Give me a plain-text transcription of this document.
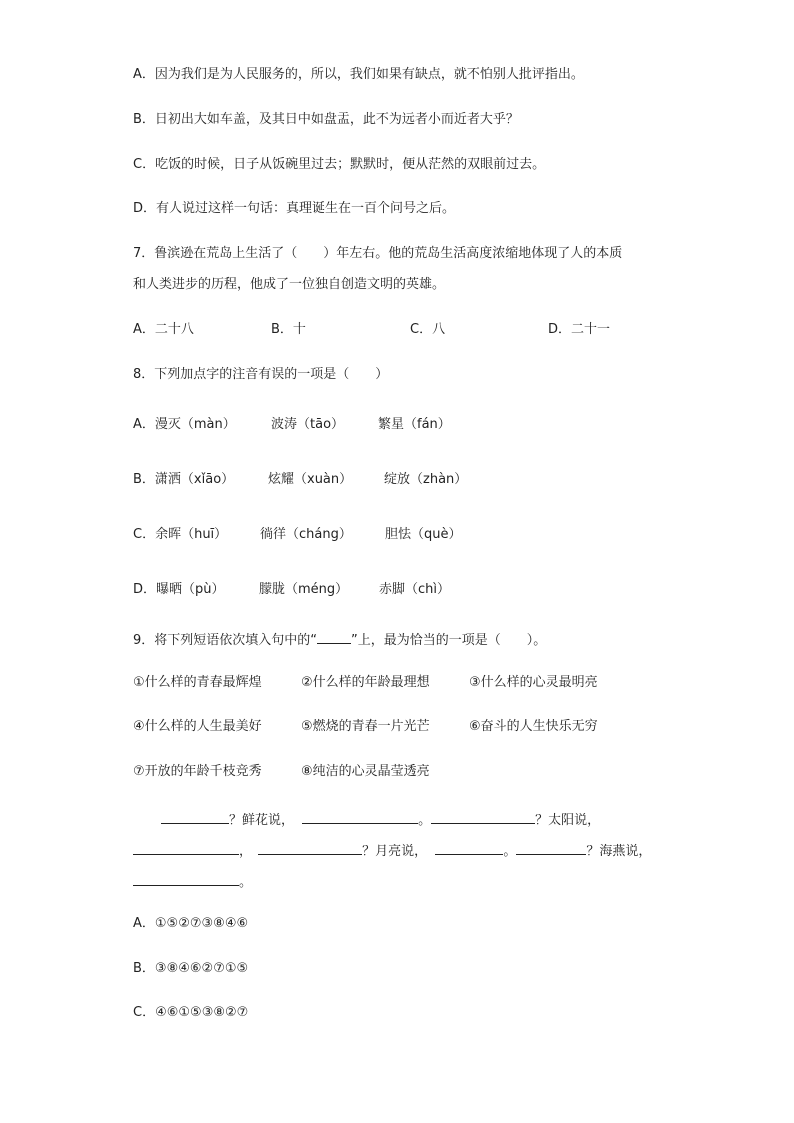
A．因为我们是为人民服务的，所以，我们如果有缺点，就不怕别人批评指出。
B．日初出大如车盖，及其日中如盘盂，此不为远者小而近者大乎？
C．吃饭的时候，日子从饭碗里过去；默默时，便从茫然的双眼前过去。
D．有人说过这样一句话：真理诞生在一百个问号之后。
7．鲁滨逊在荒岛上生活了（　　）年左右。他的荒岛生活高度浓缩地体现了人的本质
和人类进步的历程，他成了一位独自创造文明的英雄。
A．二十八	B．十	C．八	D．二十一
8．下列加点字的注音有误的一项是（　　）
A．漫灭（màn）	波涛（tāo）	繁星（fán）
B．潇洒（xǐāo）	炫耀（xuàn） 绽放（zhàn）
C．余晖（huī）	徜徉（cháng）	胆怯（què）
D．曝晒（pù）	朦胧（méng） 赤脚（chì）
9．将下列短语依次填入句中的“	”上，最为恰当的一项是（　　）。
①什么样的青春最辉煌	②什么样的年龄最理想	③什么样的心灵最明亮
④什么样的人生最美好	⑤燃烧的青春一片光芒	⑥奋斗的人生快乐无穷
⑦开放的年龄千枝竞秀	⑧纯洁的心灵晶莹透亮
？鲜花说，	。	？太阳说，
，	？月亮说，	。	？海燕说，
。
A．①⑤②⑦③⑧④⑥
B．③⑧④⑥②⑦①⑤
C．④⑥①⑤③⑧②⑦
